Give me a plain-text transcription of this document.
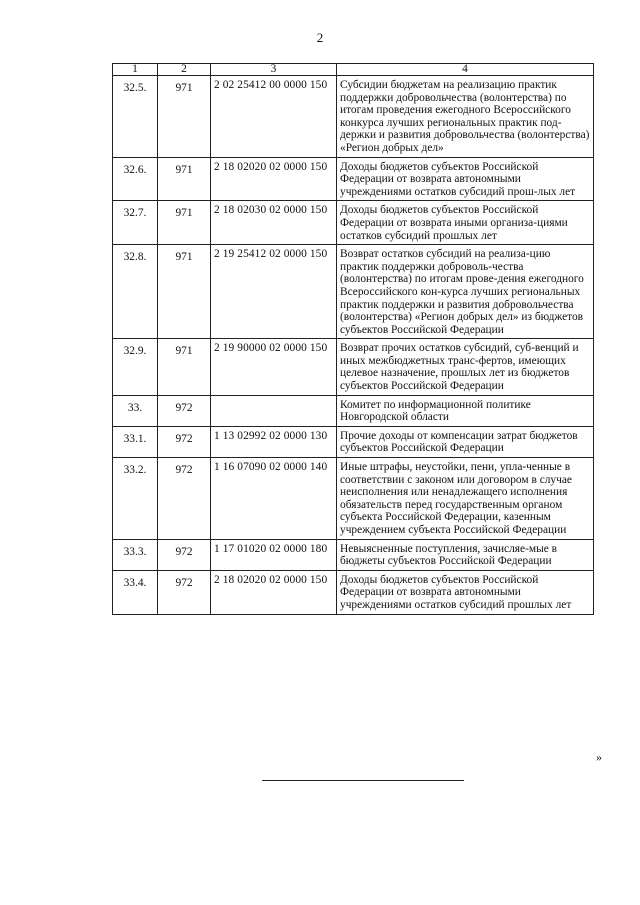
2
1	2	3	4
32.5.	971	2 02 25412 00 0000 150	Субсидии бюджетам на реализацию практик поддержки добровольчества (волонтерства) по итогам проведения ежегодного Всероссийского конкурса лучших региональных практик под-держки и развития добровольчества (волонтерства) «Регион добрых дел»
32.6.	971	2 18 02020 02 0000 150	Доходы бюджетов субъектов Российской Федерации от возврата автономными учреждениями остатков субсидий прош-лых лет
32.7.	971	2 18 02030 02 0000 150	Доходы бюджетов субъектов Российской Федерации от возврата иными организа-циями остатков субсидий прошлых лет
32.8.	971	2 19 25412 02 0000 150	Возврат остатков субсидий на реализа-цию практик поддержки доброволь-чества (волонтерства) по итогам прове-дения ежегодного Всероссийского кон-курса лучших региональных практик поддержки и развития добровольчества (волонтерства) «Регион добрых дел» из бюджетов субъектов Российской Федерации
32.9.	971	2 19 90000 02 0000 150	Возврат прочих остатков субсидий, суб-венций и иных межбюджетных транс-фертов, имеющих целевое назначение, прошлых лет из бюджетов субъектов Российской Федерации
33.	972		Комитет по информационной политике Новгородской области
33.1.	972	1 13 02992 02 0000 130	Прочие доходы от компенсации затрат бюджетов субъектов Российской Федерации
33.2.	972	1 16 07090 02 0000 140	Иные штрафы, неустойки, пени, упла-ченные в соответствии с законом или договором в случае неисполнения или ненадлежащего исполнения обязательств перед государственным органом субъекта Российской Федерации, казенным учреждением субъекта Российской Федерации
33.3.	972	1 17 01020 02 0000 180	Невыясненные поступления, зачисляе-мые в бюджеты субъектов Российской Федерации
33.4.	972	2 18 02020 02 0000 150	Доходы бюджетов субъектов Российской Федерации от возврата автономными учреждениями остатков субсидий прошлых лет
»
